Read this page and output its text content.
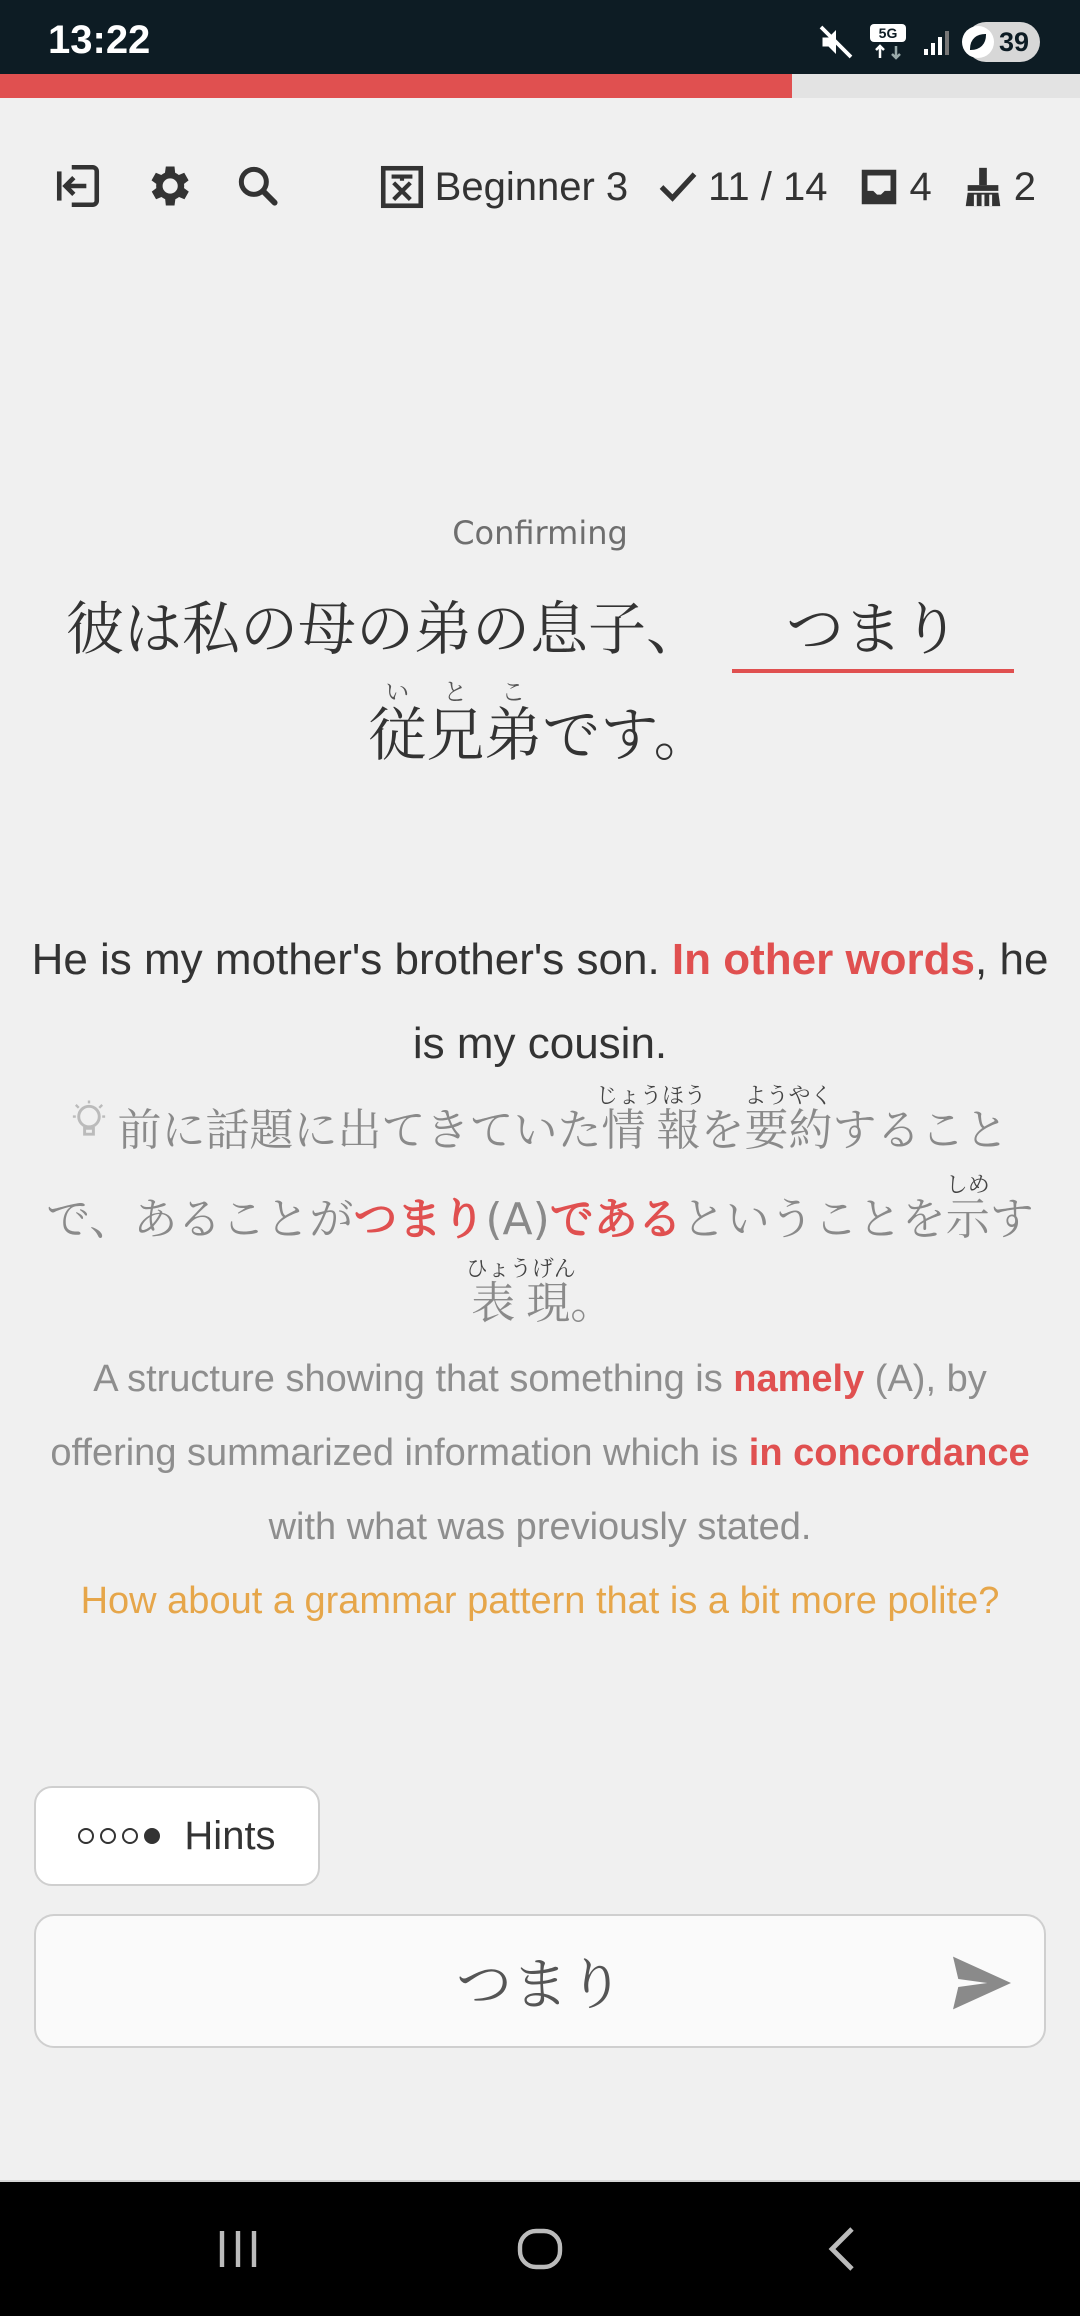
13:22	5G	39
Beginner 3 11 / 14 4 2
Confirming
彼は私の母の弟の息子、 つまり
従兄弟いとこです。
He is my mother's brother's son. In other words, he is my cousin.
前に話題に出てきていた情報じょうほうを要約ようやくすることで、あることがつまり(A)であるということを示しめす表現ひょうげん。
A structure showing that something is namely (A), by offering summarized information which is in concordance with what was previously stated.
How about a grammar pattern that is a bit more polite?
Hints
つまり
